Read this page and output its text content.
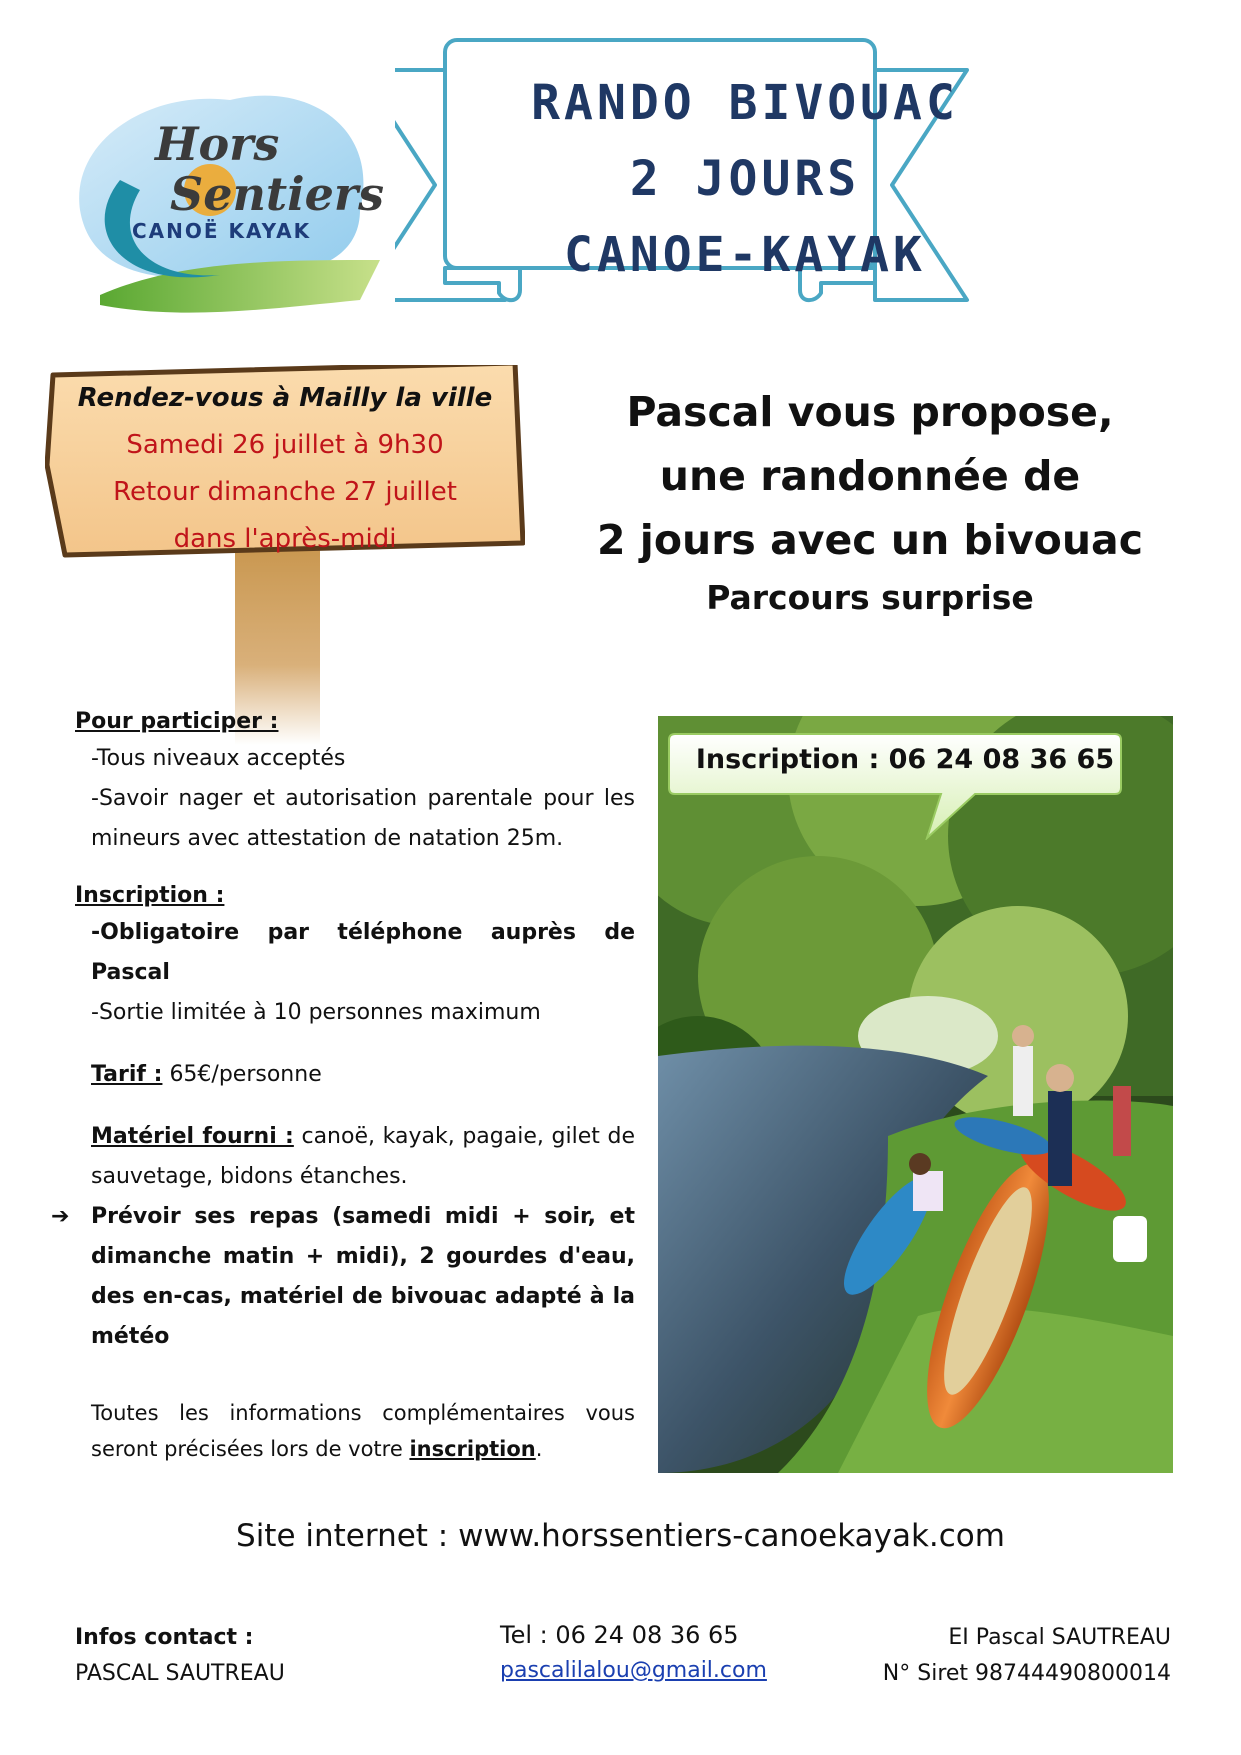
Hors
Sentiers
CANOË KAYAK
RANDO BIVOUAC
2 JOURS
CANOE-KAYAK
Rendez-vous à Mailly la ville
Samedi 26 juillet à 9h30
Retour dimanche 27 juillet
dans l'après-midi
Pascal vous propose,
une randonnée de
2 jours avec un bivouac
Parcours surprise

Pour participer :

-Tous niveaux acceptés

-Savoir nager et autorisation parentale pour les mineurs avec attestation de natation 25m.

Inscription :

-Obligatoire par téléphone auprès de Pascal

-Sortie limitée à 10 personnes maximum

Tarif : 65€/personne

Matériel fourni : canoë, kayak, pagaie, gilet de sauvetage, bidons étanches.

➔ Prévoir ses repas (samedi midi + soir, et dimanche matin + midi), 2 gourdes d'eau, des en-cas, matériel de bivouac adapté à la météo

Toutes les informations complémentaires vous seront précisées lors de votre inscription.

Inscription : 06 24 08 36 65
Site internet : www.horssentiers-canoekayak.com
Infos contact :
PASCAL SAUTREAU
Tel : 06 24 08 36 65
pascalilalou@gmail.com
EI Pascal SAUTREAU
N° Siret 98744490800014
